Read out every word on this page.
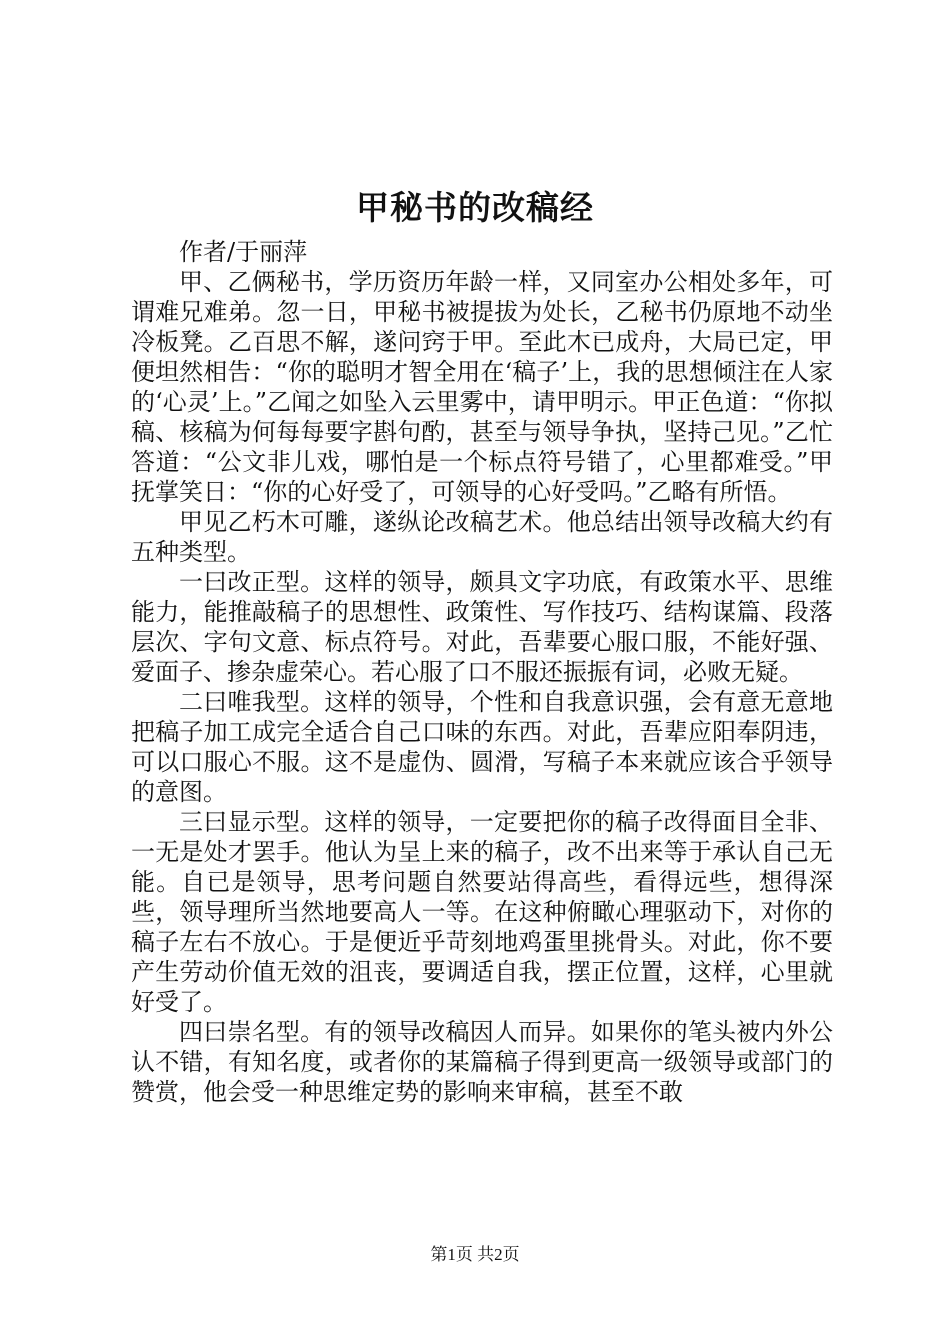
甲秘书的改稿经

作者/于丽萍

甲、乙俩秘书，学历资历年龄一样，又同室办公相处多年，可谓难兄难弟。忽一日，甲秘书被提拔为处长，乙秘书仍原地不动坐冷板凳。乙百思不解，遂问窍于甲。至此木已成舟，大局已定，甲便坦然相告：“你的聪明才智全用在‘稿子’上，我的思想倾注在人家的‘心灵’上。”乙闻之如坠入云里雾中，请甲明示。甲正色道：“你拟稿、核稿为何每每要字斟句酌，甚至与领导争执，坚持己见。”乙忙答道：“公文非儿戏，哪怕是一个标点符号错了，心里都难受。”甲抚掌笑日：“你的心好受了，可领导的心好受吗。”乙略有所悟。

甲见乙朽木可雕，遂纵论改稿艺术。他总结出领导改稿大约有五种类型。

一曰改正型。这样的领导，颇具文字功底，有政策水平、思维能力，能推敲稿子的思想性、政策性、写作技巧、结构谋篇、段落层次、字句文意、标点符号。对此，吾辈要心服口服，不能好强、爱面子、掺杂虚荣心。若心服了口不服还振振有词，必败无疑。

二曰唯我型。这样的领导，个性和自我意识强，会有意无意地把稿子加工成完全适合自己口味的东西。对此，吾辈应阳奉阴违，可以口服心不服。这不是虚伪、圆滑，写稿子本来就应该合乎领导的意图。

三曰显示型。这样的领导，一定要把你的稿子改得面目全非、一无是处才罢手。他认为呈上来的稿子，改不出来等于承认自己无能。自已是领导，思考问题自然要站得高些，看得远些，想得深些，领导理所当然地要高人一等。在这种俯瞰心理驱动下，对你的稿子左右不放心。于是便近乎苛刻地鸡蛋里挑骨头。对此，你不要产生劳动价值无效的沮丧，要调适自我，摆正位置，这样，心里就好受了。

四曰崇名型。有的领导改稿因人而异。如果你的笔头被内外公认不错，有知名度，或者你的某篇稿子得到更高一级领导或部门的赞赏，他会受一种思维定势的影响来审稿，甚至不敢

第1页 共2页
